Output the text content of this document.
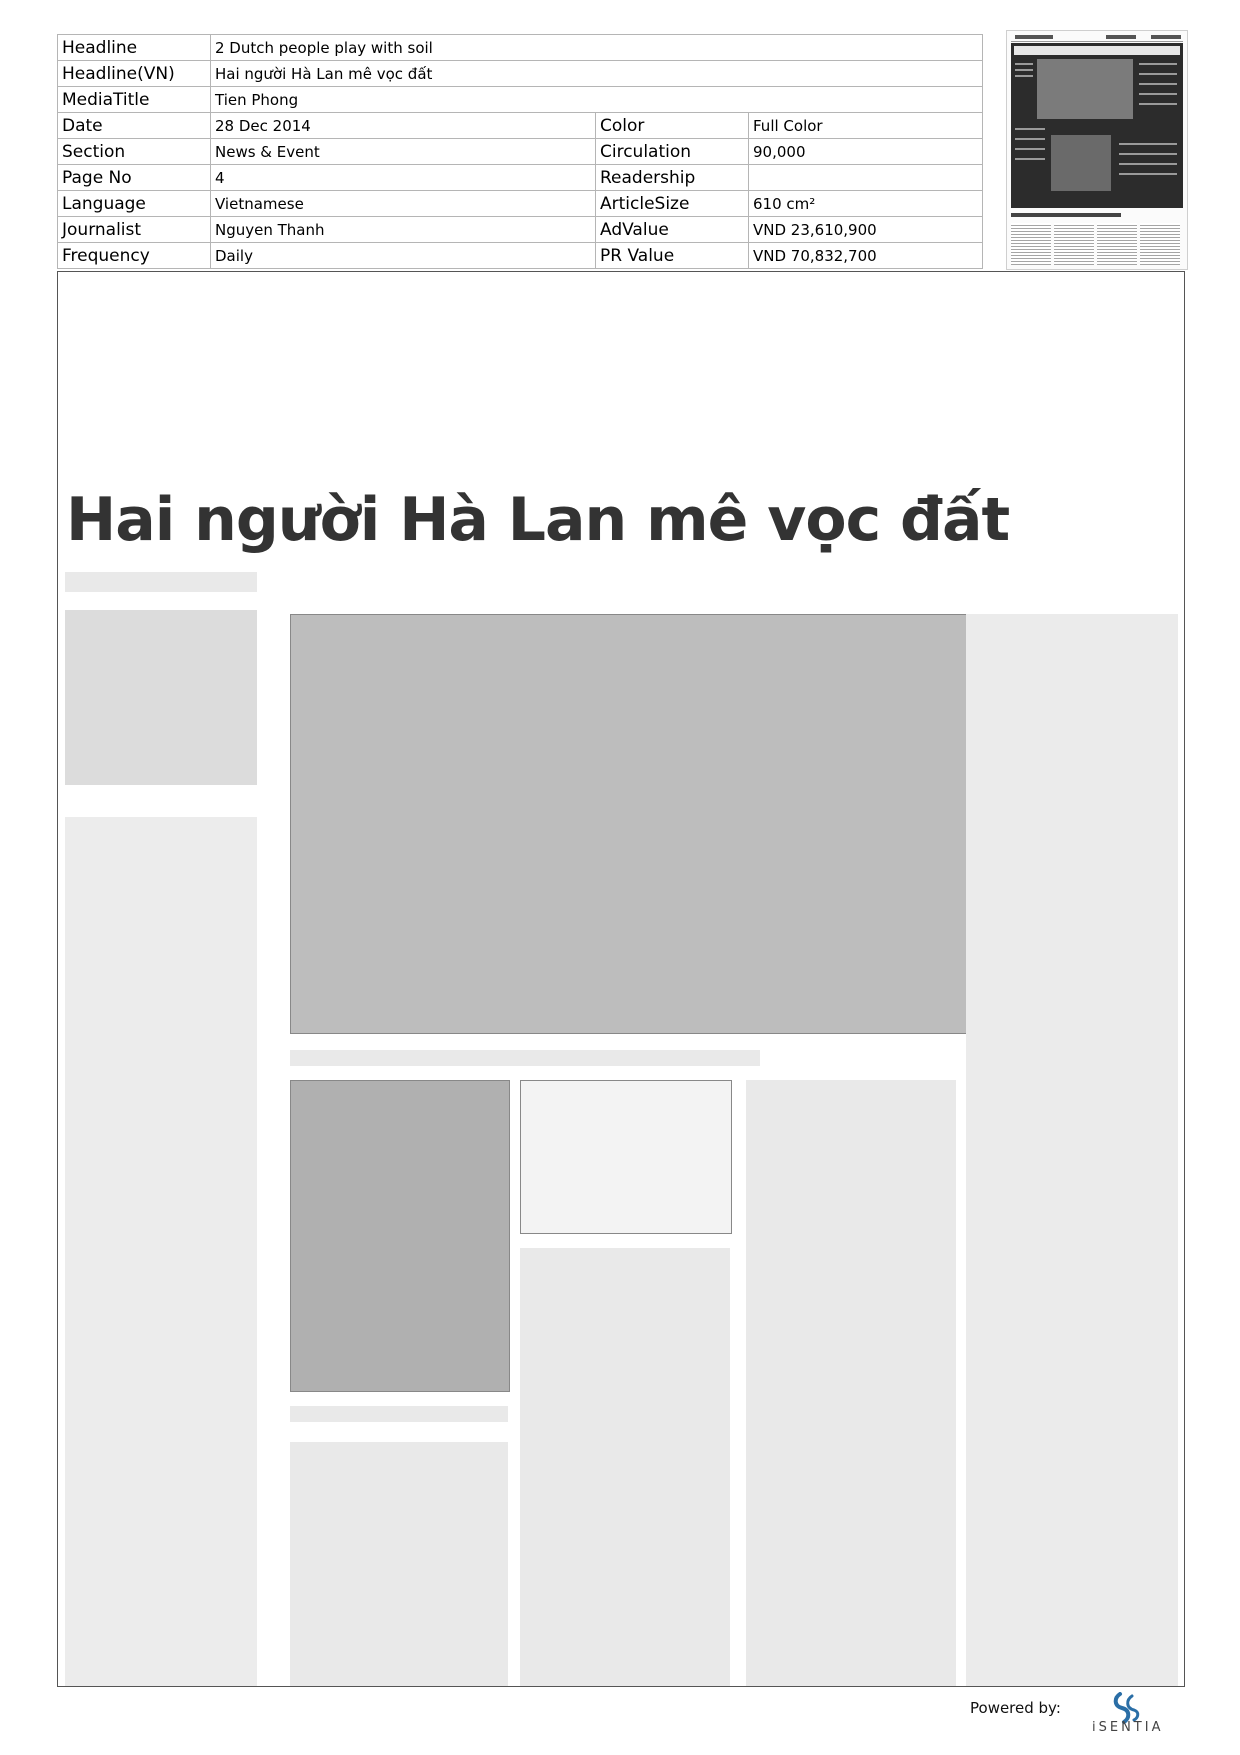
Headline	2 Dutch people play with soil		
Headline(VN)	Hai người Hà Lan mê vọc đất		
MediaTitle	Tien Phong		
Date	28 Dec 2014	Color	Full Color
Section	News & Event	Circulation	90,000
Page No	4	Readership	
Language	Vietnamese	ArticleSize	610 cm²
Journalist	Nguyen Thanh	AdValue	VND 23,610,900
Frequency	Daily	PR Value	VND 70,832,700
Hai người Hà Lan mê vọc đất
Powered by:
iSENTIA
